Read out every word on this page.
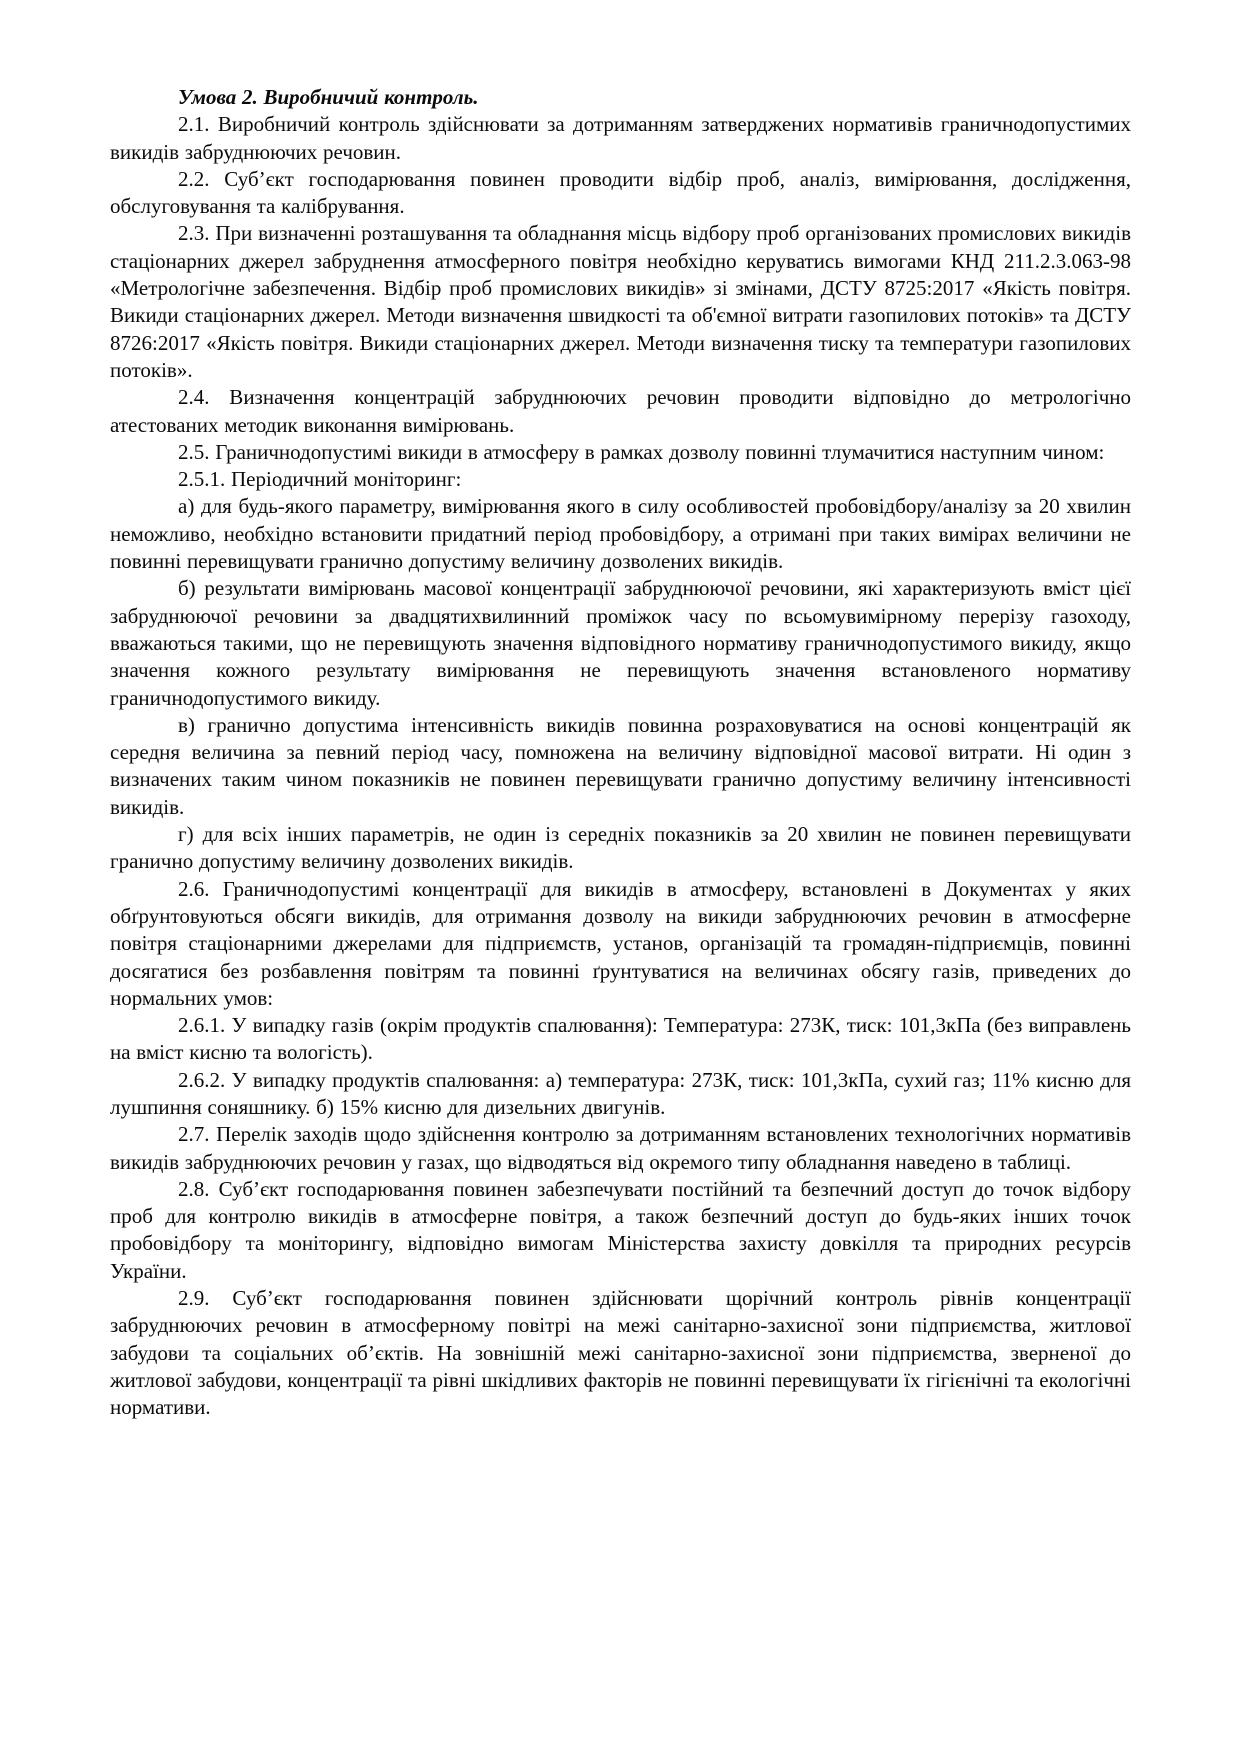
Умова 2. Виробничий контроль.

2.1. Виробничий контроль здійснювати за дотриманням затверджених нормативів граничнодопустимих викидів забруднюючих речовин.

2.2. Суб’єкт господарювання повинен проводити відбір проб, аналіз, вимірювання, дослідження, обслуговування та калібрування.

2.3. При визначенні розташування та обладнання місць відбору проб організованих промислових викидів стаціонарних джерел забруднення атмосферного повітря необхідно керуватись вимогами КНД 211.2.3.063-98 «Метрологічне забезпечення. Відбір проб промислових викидів» зі змінами, ДСТУ 8725:2017 «Якість повітря. Викиди стаціонарних джерел. Методи визначення швидкості та об'ємної витрати газопилових потоків» та ДСТУ 8726:2017 «Якість повітря. Викиди стаціонарних джерел. Методи визначення тиску та температури газопилових потоків».

2.4. Визначення концентрацій забруднюючих речовин проводити відповідно до метрологічно атестованих методик виконання вимірювань.

2.5. Граничнодопустимі викиди в атмосферу в рамках дозволу повинні тлумачитися наступним чином:

2.5.1. Періодичний моніторинг:

а) для будь-якого параметру, вимірювання якого в силу особливостей пробовідбору/аналізу за 20 хвилин неможливо, необхідно встановити придатний період пробовідбору, а отримані при таких вимірах величини не повинні перевищувати гранично допустиму величину дозволених викидів.

б) результати вимірювань масової концентрації забруднюючої речовини, які характеризують вміст цієї забруднюючої речовини за двадцятихвилинний проміжок часу по всьомувимірному перерізу газоходу, вважаються такими, що не перевищують значення відповідного нормативу граничнодопустимого викиду, якщо значення кожного результату вимірювання не перевищують значення встановленого нормативу граничнодопустимого викиду.

в) гранично допустима інтенсивність викидів повинна розраховуватися на основі концентрацій як середня величина за певний період часу, помножена на величину відповідної масової витрати. Ні один з визначених таким чином показників не повинен перевищувати гранично допустиму величину інтенсивності викидів.

г) для всіх інших параметрів, не один із середніх показників за 20 хвилин не повинен перевищувати гранично допустиму величину дозволених викидів.

2.6. Граничнодопустимі концентрації для викидів в атмосферу, встановлені в Документах у яких обґрунтовуються обсяги викидів, для отримання дозволу на викиди забруднюючих речовин в атмосферне повітря стаціонарними джерелами для підприємств, установ, організацій та громадян-підприємців, повинні досягатися без розбавлення повітрям та повинні ґрунтуватися на величинах обсягу газів, приведених до нормальних умов:

2.6.1. У випадку газів (окрім продуктів спалювання): Температура: 273К, тиск: 101,3кПа (без виправлень на вміст кисню та вологість).

2.6.2. У випадку продуктів спалювання: а) температура: 273К, тиск: 101,3кПа, сухий газ; 11% кисню для лушпиння соняшнику. б) 15% кисню для дизельних двигунів.

2.7. Перелік заходів щодо здійснення контролю за дотриманням встановлених технологічних нормативів викидів забруднюючих речовин у газах, що відводяться від окремого типу обладнання наведено в таблиці.

2.8. Суб’єкт господарювання повинен забезпечувати постійний та безпечний доступ до точок відбору проб для контролю викидів в атмосферне повітря, а також безпечний доступ до будь-яких інших точок пробовідбору та моніторингу, відповідно вимогам Міністерства захисту довкілля та природних ресурсів України.

2.9. Суб’єкт господарювання повинен здійснювати щорічний контроль рівнів концентрації забруднюючих речовин в атмосферному повітрі на межі санітарно-захисної зони підприємства, житлової забудови та соціальних об’єктів. На зовнішній межі санітарно-захисної зони підприємства, зверненої до житлової забудови, концентрації та рівні шкідливих факторів не повинні перевищувати їх гігієнічні та екологічні нормативи.
